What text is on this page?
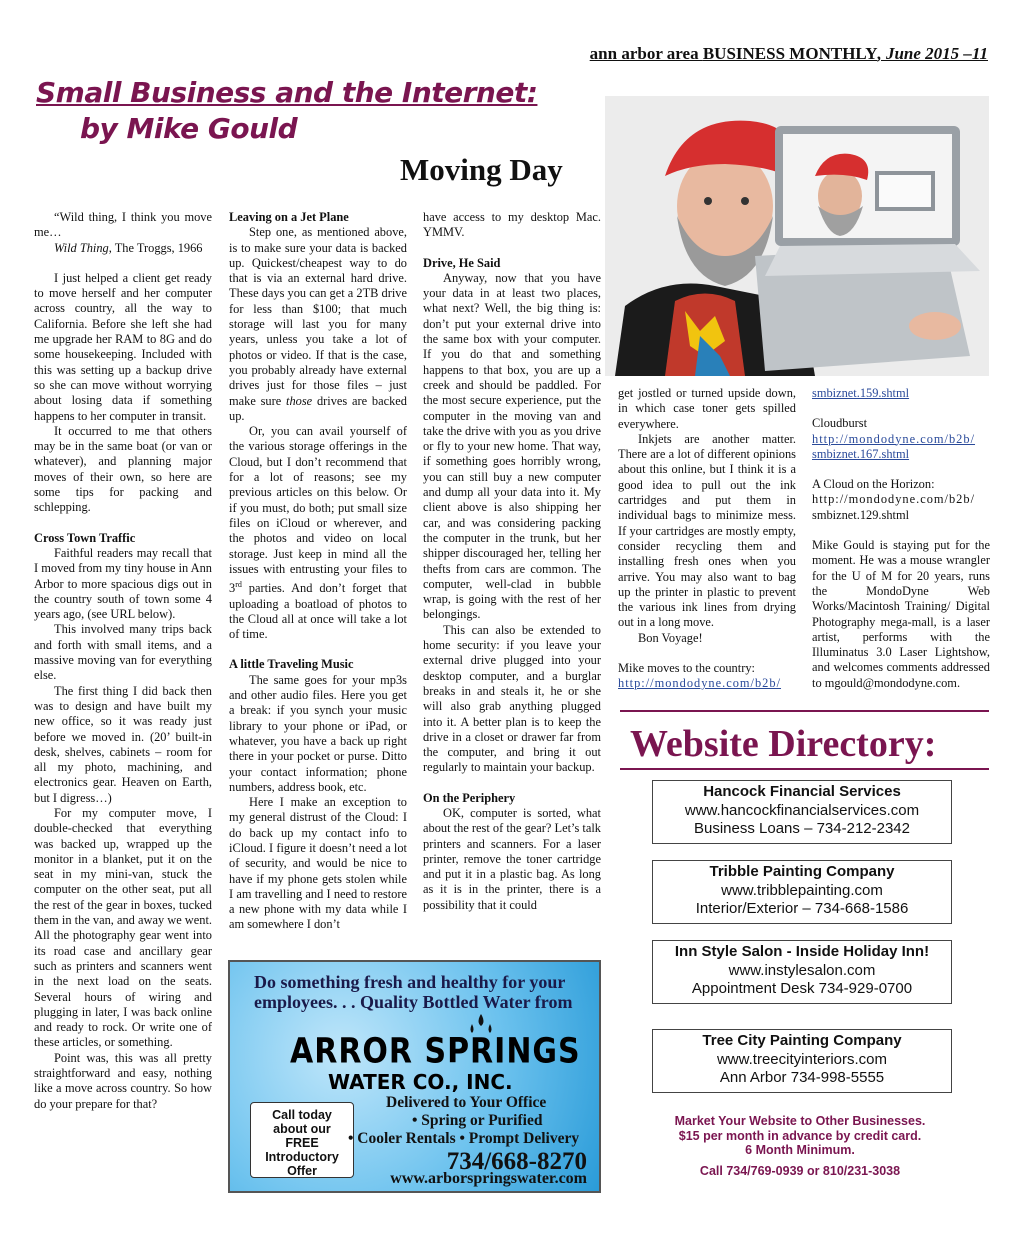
ann arbor area BUSINESS MONTHLY, June 2015 –11
Small Business and the Internet:
by Mike Gould
Moving Day

“Wild thing, I think you move me…

Wild Thing, The Troggs, 1966

I just helped a client get ready to move herself and her computer across country, all the way to California. Before she left she had me upgrade her RAM to 8G and do some housekeeping. Included with this was setting up a backup drive so she can move without worrying about losing data if something happens to her computer in transit.

It occurred to me that others may be in the same boat (or van or whatever), and planning major moves of their own, so here are some tips for packing and schlepping.

Cross Town Traffic

Faithful readers may recall that I moved from my tiny house in Ann Arbor to more spacious digs out in the country south of town some 4 years ago, (see URL below).

This involved many trips back and forth with small items, and a massive moving van for everything else.

The first thing I did back then was to design and have built my new office, so it was ready just before we moved in. (20’ built-in desk, shelves, cabinets – room for all my photo, machining, and electronics gear. Heaven on Earth, but I digress…)

For my computer move, I double-checked that everything was backed up, wrapped up the monitor in a blanket, put it on the seat in my mini-van, stuck the computer on the other seat, put all the rest of the gear in boxes, tucked them in the van, and away we went. All the photography gear went into its road case and ancillary gear such as printers and scanners went in the next load on the seats. Several hours of wiring and plugging in later, I was back online and ready to rock. Or write one of these articles, or something.

Point was, this was all pretty straightforward and easy, nothing like a move across country. So how do your prepare for that?

Leaving on a Jet Plane

Step one, as mentioned above, is to make sure your data is backed up. Quickest/cheapest way to do that is via an external hard drive. These days you can get a 2TB drive for less than $100; that much storage will last you for many years, unless you take a lot of photos or video. If that is the case, you probably already have external drives just for those files – just make sure those drives are backed up.

Or, you can avail yourself of the various storage offerings in the Cloud, but I don’t recommend that for a lot of reasons; see my previous articles on this below. Or if you must, do both; put small size files on iCloud or wherever, and the photos and video on local storage. Just keep in mind all the issues with entrusting your files to 3rd parties. And don’t forget that uploading a boatload of photos to the Cloud all at once will take a lot of time.

A little Traveling Music

The same goes for your mp3s and other audio files. Here you get a break: if you synch your music library to your phone or iPad, or whatever, you have a back up right there in your pocket or purse. Ditto your contact information; phone numbers, address book, etc.

Here I make an exception to my general distrust of the Cloud: I do back up my contact info to iCloud. I figure it doesn’t need a lot of security, and would be nice to have if my phone gets stolen while I am travelling and I need to restore a new phone with my data while I am somewhere I don’t

have access to my desktop Mac. YMMV.

Drive, He Said

Anyway, now that you have your data in at least two places, what next? Well, the big thing is: don’t put your external drive into the same box with your computer. If you do that and something happens to that box, you are up a creek and should be paddled. For the most secure experience, put the computer in the moving van and take the drive with you as you drive or fly to your new home. That way, if something goes horribly wrong, you can still buy a new computer and dump all your data into it. My client above is also shipping her car, and was considering packing the computer in the trunk, but her shipper discouraged her, telling her thefts from cars are common. The computer, well-clad in bubble wrap, is going with the rest of her belongings.

This can also be extended to home security: if you leave your external drive plugged into your desktop computer, and a burglar breaks in and steals it, he or she will also grab anything plugged into it. A better plan is to keep the drive in a closet or drawer far from the computer, and bring it out regularly to maintain your backup.

On the Periphery

OK, computer is sorted, what about the rest of the gear? Let’s talk printers and scanners. For a laser printer, remove the toner cartridge and put it in a plastic bag. As long as it is in the printer, there is a possibility that it could

get jostled or turned upside down, in which case toner gets spilled everywhere.

Inkjets are another matter. There are a lot of different opinions about this online, but I think it is a good idea to pull out the ink cartridges and put them in individual bags to minimize mess. If your cartridges are mostly empty, consider recycling them and installing fresh ones when you arrive. You may also want to bag up the printer in plastic to prevent the various ink lines from drying out in a long move.

Bon Voyage!

Mike moves to the country:

http://mondodyne.com/b2b/

smbiznet.159.shtml

Cloudburst

http://mondodyne.com/b2b/

smbiznet.167.shtml

A Cloud on the Horizon:

http://mondodyne.com/b2b/

smbiznet.129.shtml

Mike Gould is staying put for the moment. He was a mouse wrangler for the U of M for 20 years, runs the MondoDyne Web Works/Macintosh Training/ Digital Photography mega-mall, is a laser artist, performs with the Illuminatus 3.0 Laser Lightshow, and welcomes comments addressed to mgould@mondodyne.com.

Do something fresh and healthy for your
employees. . . Quality Bottled Water from
ARROR SPRINGS
WATER CO., INC.
Call today
about our
FREE
Introductory
Offer
Delivered to Your Office
• Spring or Purified
• Cooler Rentals • Prompt Delivery
734/668-8270
www.arborspringswater.com
Website Directory:
Hancock Financial Services
www.hancockfinancialservices.com
Business Loans – 734-212-2342
Tribble Painting Company
www.tribblepainting.com
Interior/Exterior – 734-668-1586
Inn Style Salon - Inside Holiday Inn!
www.instylesalon.com
Appointment Desk 734-929-0700
Tree City Painting Company
www.treecityinteriors.com
Ann Arbor 734-998-5555
Market Your Website to Other Businesses.
$15 per month in advance by credit card.
6 Month Minimum.
Call 734/769-0939 or 810/231-3038
